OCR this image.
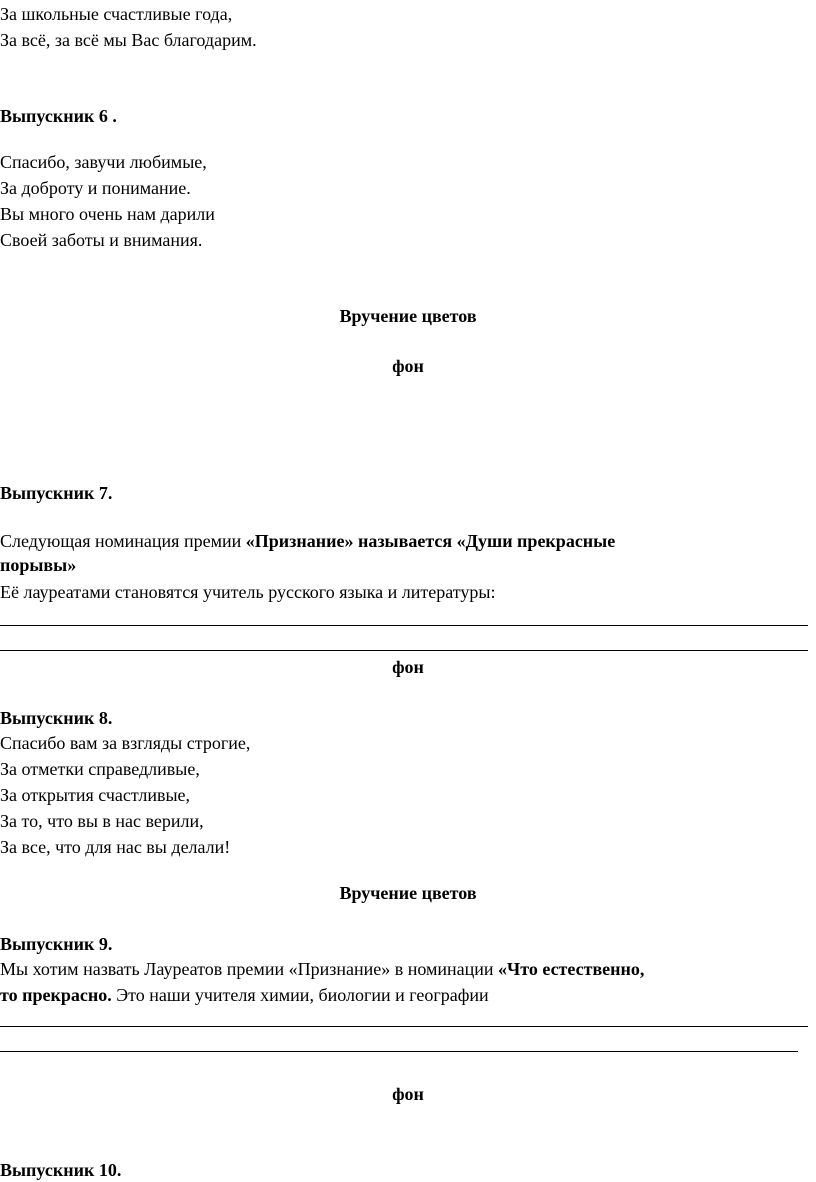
За школьные счастливые года,
За всё, за всё мы Вас благодарим.
Выпускник 6 .
Спасибо, завучи любимые,
За доброту и понимание.
Вы много очень нам дарили
Своей заботы и внимания.
Вручение цветов
фон
Выпускник 7.
Следующая номинация премии «Признание» называется «Души прекрасные
порывы»
Её лауреатами становятся учитель русского языка и литературы:
фон
Выпускник 8.
Спасибо вам за взгляды строгие,
За отметки справедливые,
За открытия счастливые,
За то, что вы в нас верили,
За все, что для нас вы делали!
Вручение цветов
Выпускник 9.
Мы хотим назвать Лауреатов премии «Признание» в номинации «Что естественно,
то прекрасно. Это наши учителя химии, биологии и географии
фон
Выпускник 10.
